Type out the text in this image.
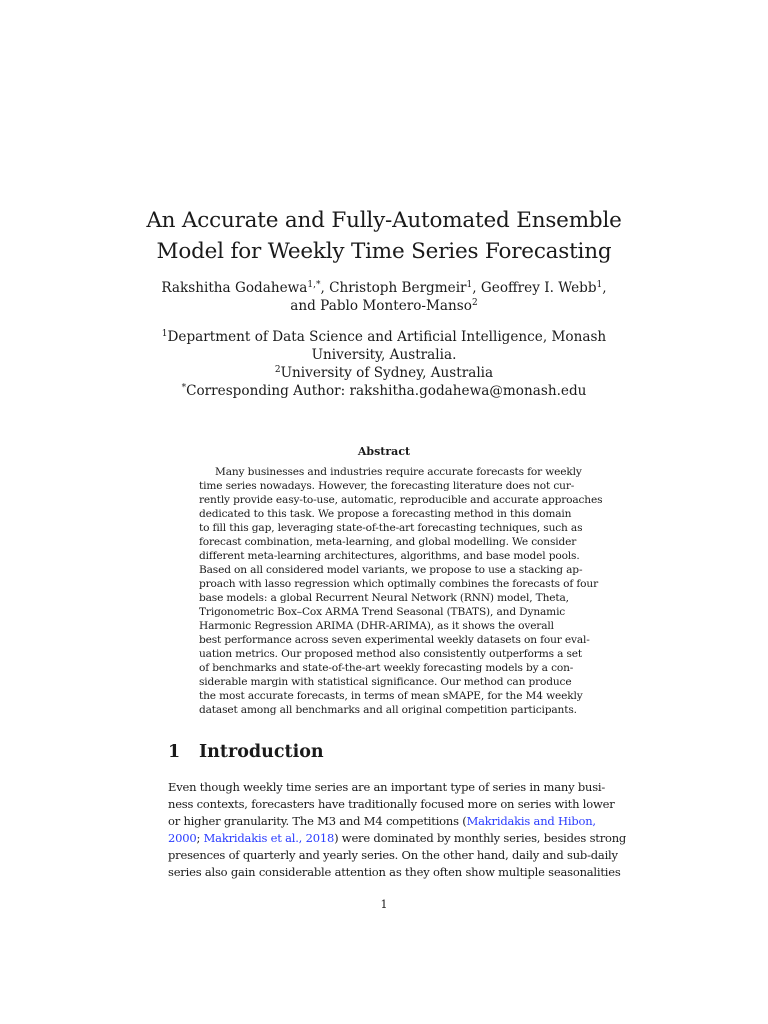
An Accurate and Fully-Automated Ensemble
Model for Weekly Time Series Forecasting
Rakshitha Godahewa$^{1,*}$, Christoph Bergmeir$^1$, Geoffrey I. Webb$^1$,
and Pablo Montero-Manso$^2$
$^1$Department of Data Science and Artificial Intelligence, Monash
University, Australia.
$^2$University of Sydney, Australia
*Corresponding Author: rakshitha.godahewa@monash.edu
Abstract
Many businesses and industries require accurate forecasts for weekly
time series nowadays. However, the forecasting literature does not cur-
rently provide easy-to-use, automatic, reproducible and accurate approaches
dedicated to this task. We propose a forecasting method in this domain
to fill this gap, leveraging state-of-the-art forecasting techniques, such as
forecast combination, meta-learning, and global modelling. We consider
different meta-learning architectures, algorithms, and base model pools.
Based on all considered model variants, we propose to use a stacking ap-
proach with lasso regression which optimally combines the forecasts of four
base models: a global Recurrent Neural Network (RNN) model, Theta,
Trigonometric Box–Cox ARMA Trend Seasonal (TBATS), and Dynamic
Harmonic Regression ARIMA (DHR-ARIMA), as it shows the overall
best performance across seven experimental weekly datasets on four eval-
uation metrics. Our proposed method also consistently outperforms a set
of benchmarks and state-of-the-art weekly forecasting models by a con-
siderable margin with statistical significance. Our method can produce
the most accurate forecasts, in terms of mean sMAPE, for the M4 weekly
dataset among all benchmarks and all original competition participants.
1 Introduction
Even though weekly time series are an important type of series in many busi-
ness contexts, forecasters have traditionally focused more on series with lower
or higher granularity. The M3 and M4 competitions (Makridakis and Hibon,
2000; Makridakis et al., 2018) were dominated by monthly series, besides strong
presences of quarterly and yearly series. On the other hand, daily and sub-daily
series also gain considerable attention as they often show multiple seasonalities
1
